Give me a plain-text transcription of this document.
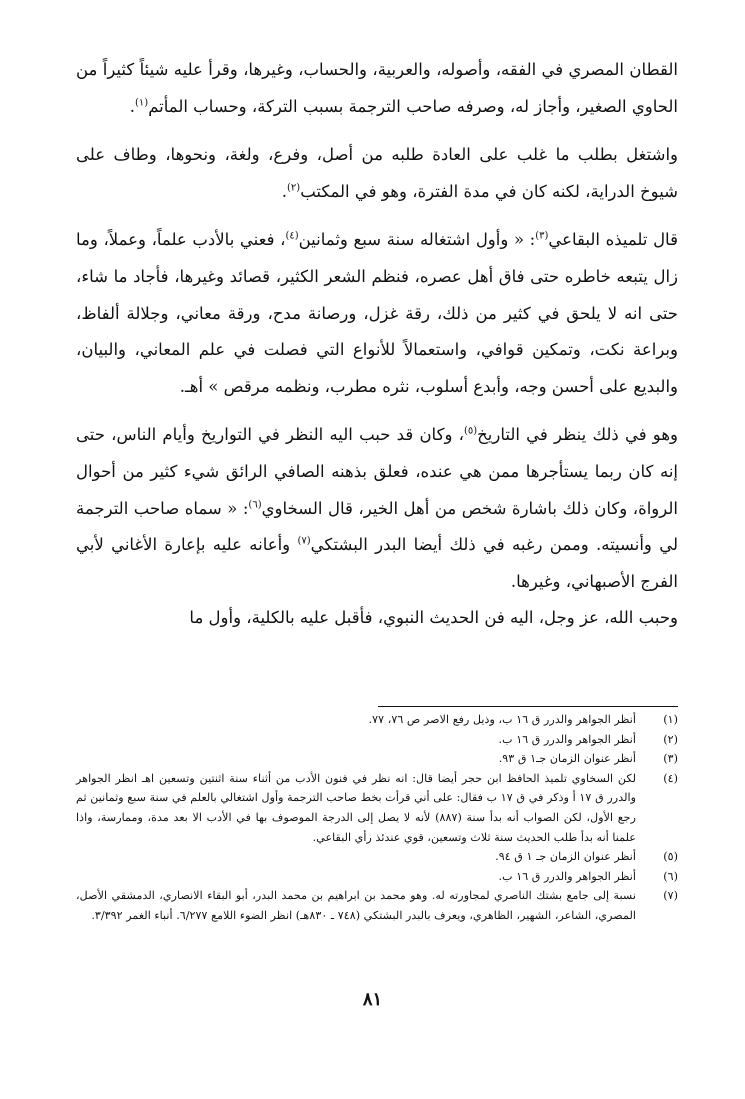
القطان المصري في الفقه، وأصوله، والعربية، والحساب، وغيرها، وقرأ عليه شيئاً كثيراً من الحاوي الصغير، وأجاز له، وصرفه صاحب الترجمة بسبب التركة، وحساب المأتم$^{(١)}$.

واشتغل بطلب ما غلب على العادة طلبه من أصل، وفرع، ولغة، ونحوها، وطاف على شيوخ الدراية، لكنه كان في مدة الفترة، وهو في المكتب$^{(٢)}$.

قال تلميذه البقاعي$^{(٣)}$: « وأول اشتغاله سنة سبع وثمانين$^{(٤)}$، فعني بالأدب علماً، وعملاً، وما زال يتبعه خاطره حتى فاق أهل عصره، فنظم الشعر الكثير، قصائد وغيرها، فأجاد ما شاء، حتى انه لا يلحق في كثير من ذلك، رقة غزل، ورصانة مدح، ورقة معاني، وجلالة ألفاظ، وبراعة نكت، وتمكين قوافي، واستعمالاً للأنواع التي فصلت في علم المعاني، والبيان، والبديع على أحسن وجه، وأبدع أسلوب، نثره مطرب، ونظمه مرقص » أهـ.

وهو في ذلك ينظر في التاريخ$^{(٥)}$، وكان قد حبب اليه النظر في التواريخ وأيام الناس، حتى إنه كان ربما يستأجرها ممن هي عنده، فعلق بذهنه الصافي الرائق شيء كثير من أحوال الرواة، وكان ذلك باشارة شخص من أهل الخير، قال السخاوي$^{(٦)}$: « سماه صاحب الترجمة لي وأنسيته. وممن رغبه في ذلك أيضا البدر البشتكي$^{(٧)}$ وأعانه عليه بإعارة الأغاني لأبي الفرج الأصبهاني، وغيرها.

وحبب الله، عز وجل، اليه فن الحديث النبوي، فأقبل عليه بالكلية، وأول ما

(١)
أنظر الجواهر والدرر ق ١٦ ب، وذيل رفع الاصر ص ٧٦، ٧٧.
(٢)
أنظر الجواهر والدرر ق ١٦ ب.
(٣)
أنظر عنوان الزمان جـ١ ق ٩٣.
(٤)
لكن السخاوي تلميذ الحافظ ابن حجر أيضا قال: انه نظر في فنون الأدب من أثناء سنة اثنتين وتسعين اهـ انظر الجواهر والدرر ق ١٧ أ وذكر في ق ١٧ ب فقال: على أني قرأت بخط صاحب الترجمة وأول اشتغالي بالعلم في سنة سبع وثمانين ثم رجع الأول، لكن الصواب أنه بدأ سنة (٨٨٧) لأنه لا يصل إلى الدرجة الموصوف بها في الأدب الا بعد مدة، وممارسة، واذا علمنا أنه بدأ طلب الحديث سنة ثلاث وتسعين، قوي عندئذ رأي البقاعي.
(٥)
أنظر عنوان الزمان جـ ١ ق ٩٤.
(٦)
أنظر الجواهر والدرر ق ١٦ ب.
(٧)
نسبة إلى جامع بشتك الناصري لمجاورته له. وهو محمد بن ابراهيم بن محمد البدر، أبو البقاء الانصاري، الدمشقي الأصل، المصري، الشاعر، الشهير، الظاهري، ويعرف بالبدر البشتكي (٧٤٨ ـ ٨٣٠هـ) انظر الضوء اللامع ٦/٢٧٧. أنباء الغمر ٣/٣٩٢.
٨١
